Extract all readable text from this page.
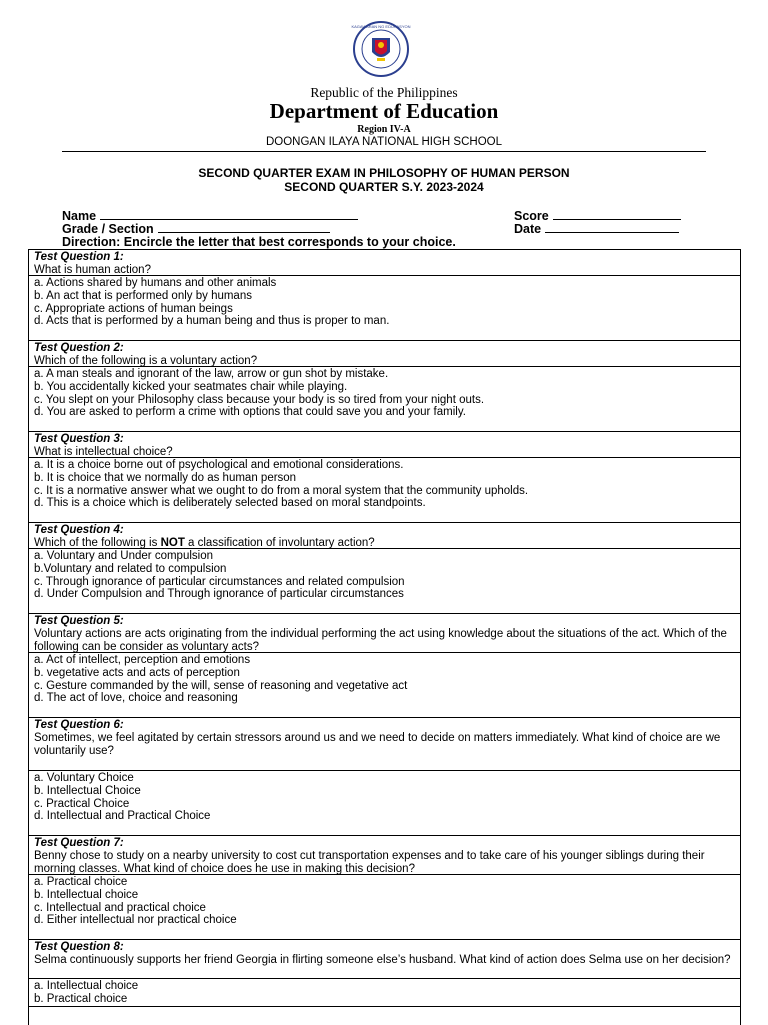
KAGAWARAN NG EDUKASYON
Republic of the Philippines
Department of Education
Region IV-A
DOONGAN ILAYA NATIONAL HIGH SCHOOL
SECOND QUARTER EXAM IN PHILOSOPHY OF HUMAN PERSON
SECOND QUARTER S.Y. 2023-2024
Name
Grade / Section
Score
Date
Direction: Encircle the letter that best corresponds to your choice.
Test Question 1:
What is human action?
a. Actions shared by humans and other animals
b. An act that is performed only by humans
c. Appropriate actions of human beings
d. Acts that is performed by a human being and thus is proper to man.
Test Question 2:
Which of the following is a voluntary action?
a. A man steals and ignorant of the law, arrow or gun shot by mistake.
b. You accidentally kicked your seatmates chair while playing.
c. You slept on your Philosophy class because your body is so tired from your night outs.
d. You are asked to perform a crime with options that could save you and your family.
Test Question 3:
What is intellectual choice?
a. It is a choice borne out of psychological and emotional considerations.
b. It is choice that we normally do as human person
c. It is a normative answer what we ought to do from a moral system that the community upholds.
d. This is a choice which is deliberately selected based on moral standpoints.
Test Question 4:
Which of the following is NOT a classification of involuntary action?
a. Voluntary and Under compulsion
b.Voluntary and related to compulsion
c. Through ignorance of particular circumstances and related compulsion
d. Under Compulsion and Through ignorance of particular circumstances
Test Question 5:
Voluntary actions are acts originating from the individual performing the act using knowledge about the situations of the act. Which of the following can be consider as voluntary acts?
a. Act of intellect, perception and emotions
b. vegetative acts and acts of perception
c. Gesture commanded by the will, sense of reasoning and vegetative act
d. The act of love, choice and reasoning
Test Question 6:
Sometimes, we feel agitated by certain stressors around us and we need to decide on matters immediately. What kind of choice are we voluntarily use?
a. Voluntary Choice
b. Intellectual Choice
c. Practical Choice
d. Intellectual and Practical Choice
Test Question 7:
Benny chose to study on a nearby university to cost cut transportation expenses and to take care of his younger siblings during their morning classes. What kind of choice does he use in making this decision?
a. Practical choice
b. Intellectual choice
c. Intellectual and practical choice
d. Either intellectual nor practical choice
Test Question 8:
Selma continuously supports her friend Georgia in flirting someone else’s husband. What kind of action does Selma use on her decision?
a. Intellectual choice
b. Practical choice
